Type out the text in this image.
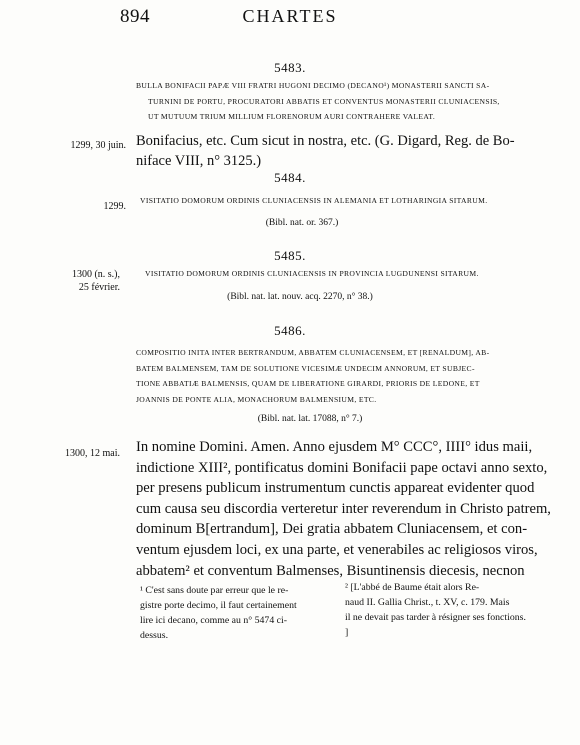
894	CHARTES
5483.
BULLA BONIFACII PAPÆ VIII FRATRI HUGONI DECIMO (DECANO¹) MONASTERII SANCTI SA-
TURNINI DE PORTU, PROCURATORI ABBATIS ET CONVENTUS MONASTERII CLUNIACENSIS,
UT MUTUUM TRIUM MILLIUM FLORENORUM AURI CONTRAHERE VALEAT.
1299, 30 juin. Bonifacius, etc. Cum sicut in nostra, etc. (G. Digard, Reg. de Bo-
niface VIII, n° 3125.)
5484.
1299.
VISITATIO DOMORUM ORDINIS CLUNIACENSIS IN ALEMANIA ET LOTHARINGIA SITARUM.
(Bibl. nat. or. 367.)
5485.
1300 (n. s.),
25 février.
VISITATIO DOMORUM ORDINIS CLUNIACENSIS IN PROVINCIA LUGDUNENSI SITARUM.
(Bibl. nat. lat. nouv. acq. 2270, n° 38.)
5486.
COMPOSITIO INITA INTER BERTRANDUM, ABBATEM CLUNIACENSEM, ET [RENALDUM], AB-
BATEM BALMENSEM, TAM DE SOLUTIONE VICESIMÆ UNDECIM ANNORUM, ET SUBJEC-
TIONE ABBATIÆ BALMENSIS, QUAM DE LIBERATIONE GIRARDI, PRIORIS DE LEDONE, ET
JOANNIS DE PONTE ALIA, MONACHORUM BALMENSIUM, ETC.
(Bibl. nat. lat. 17088, n° 7.)
1300, 12 mai. In nomine Domini. Amen. Anno ejusdem M° CCC°, IIII° idus maii,
indictione XIII², pontificatus domini Bonifacii pape octavi anno sexto,
per presens publicum instrumentum cunctis appareat evidenter quod
cum causa seu discordia verteretur inter reverendum in Christo patrem,
dominum B[ertrandum], Dei gratia abbatem Cluniacensem, et con-
ventum ejusdem loci, ex una parte, et venerabiles ac religiosos viros,
abbatem² et conventum Balmenses, Bisuntinensis diecesis, necnon
¹ C'est sans doute par erreur que le re-
gistre porte decimo, il faut certainement
lire ici decano, comme au n° 5474 ci-
dessus.
² [L'abbé de Baume était alors Re-
naud II. Gallia Christ., t. XV, c. 179. Mais
il ne devait pas tarder à résigner ses fonctions.
]
